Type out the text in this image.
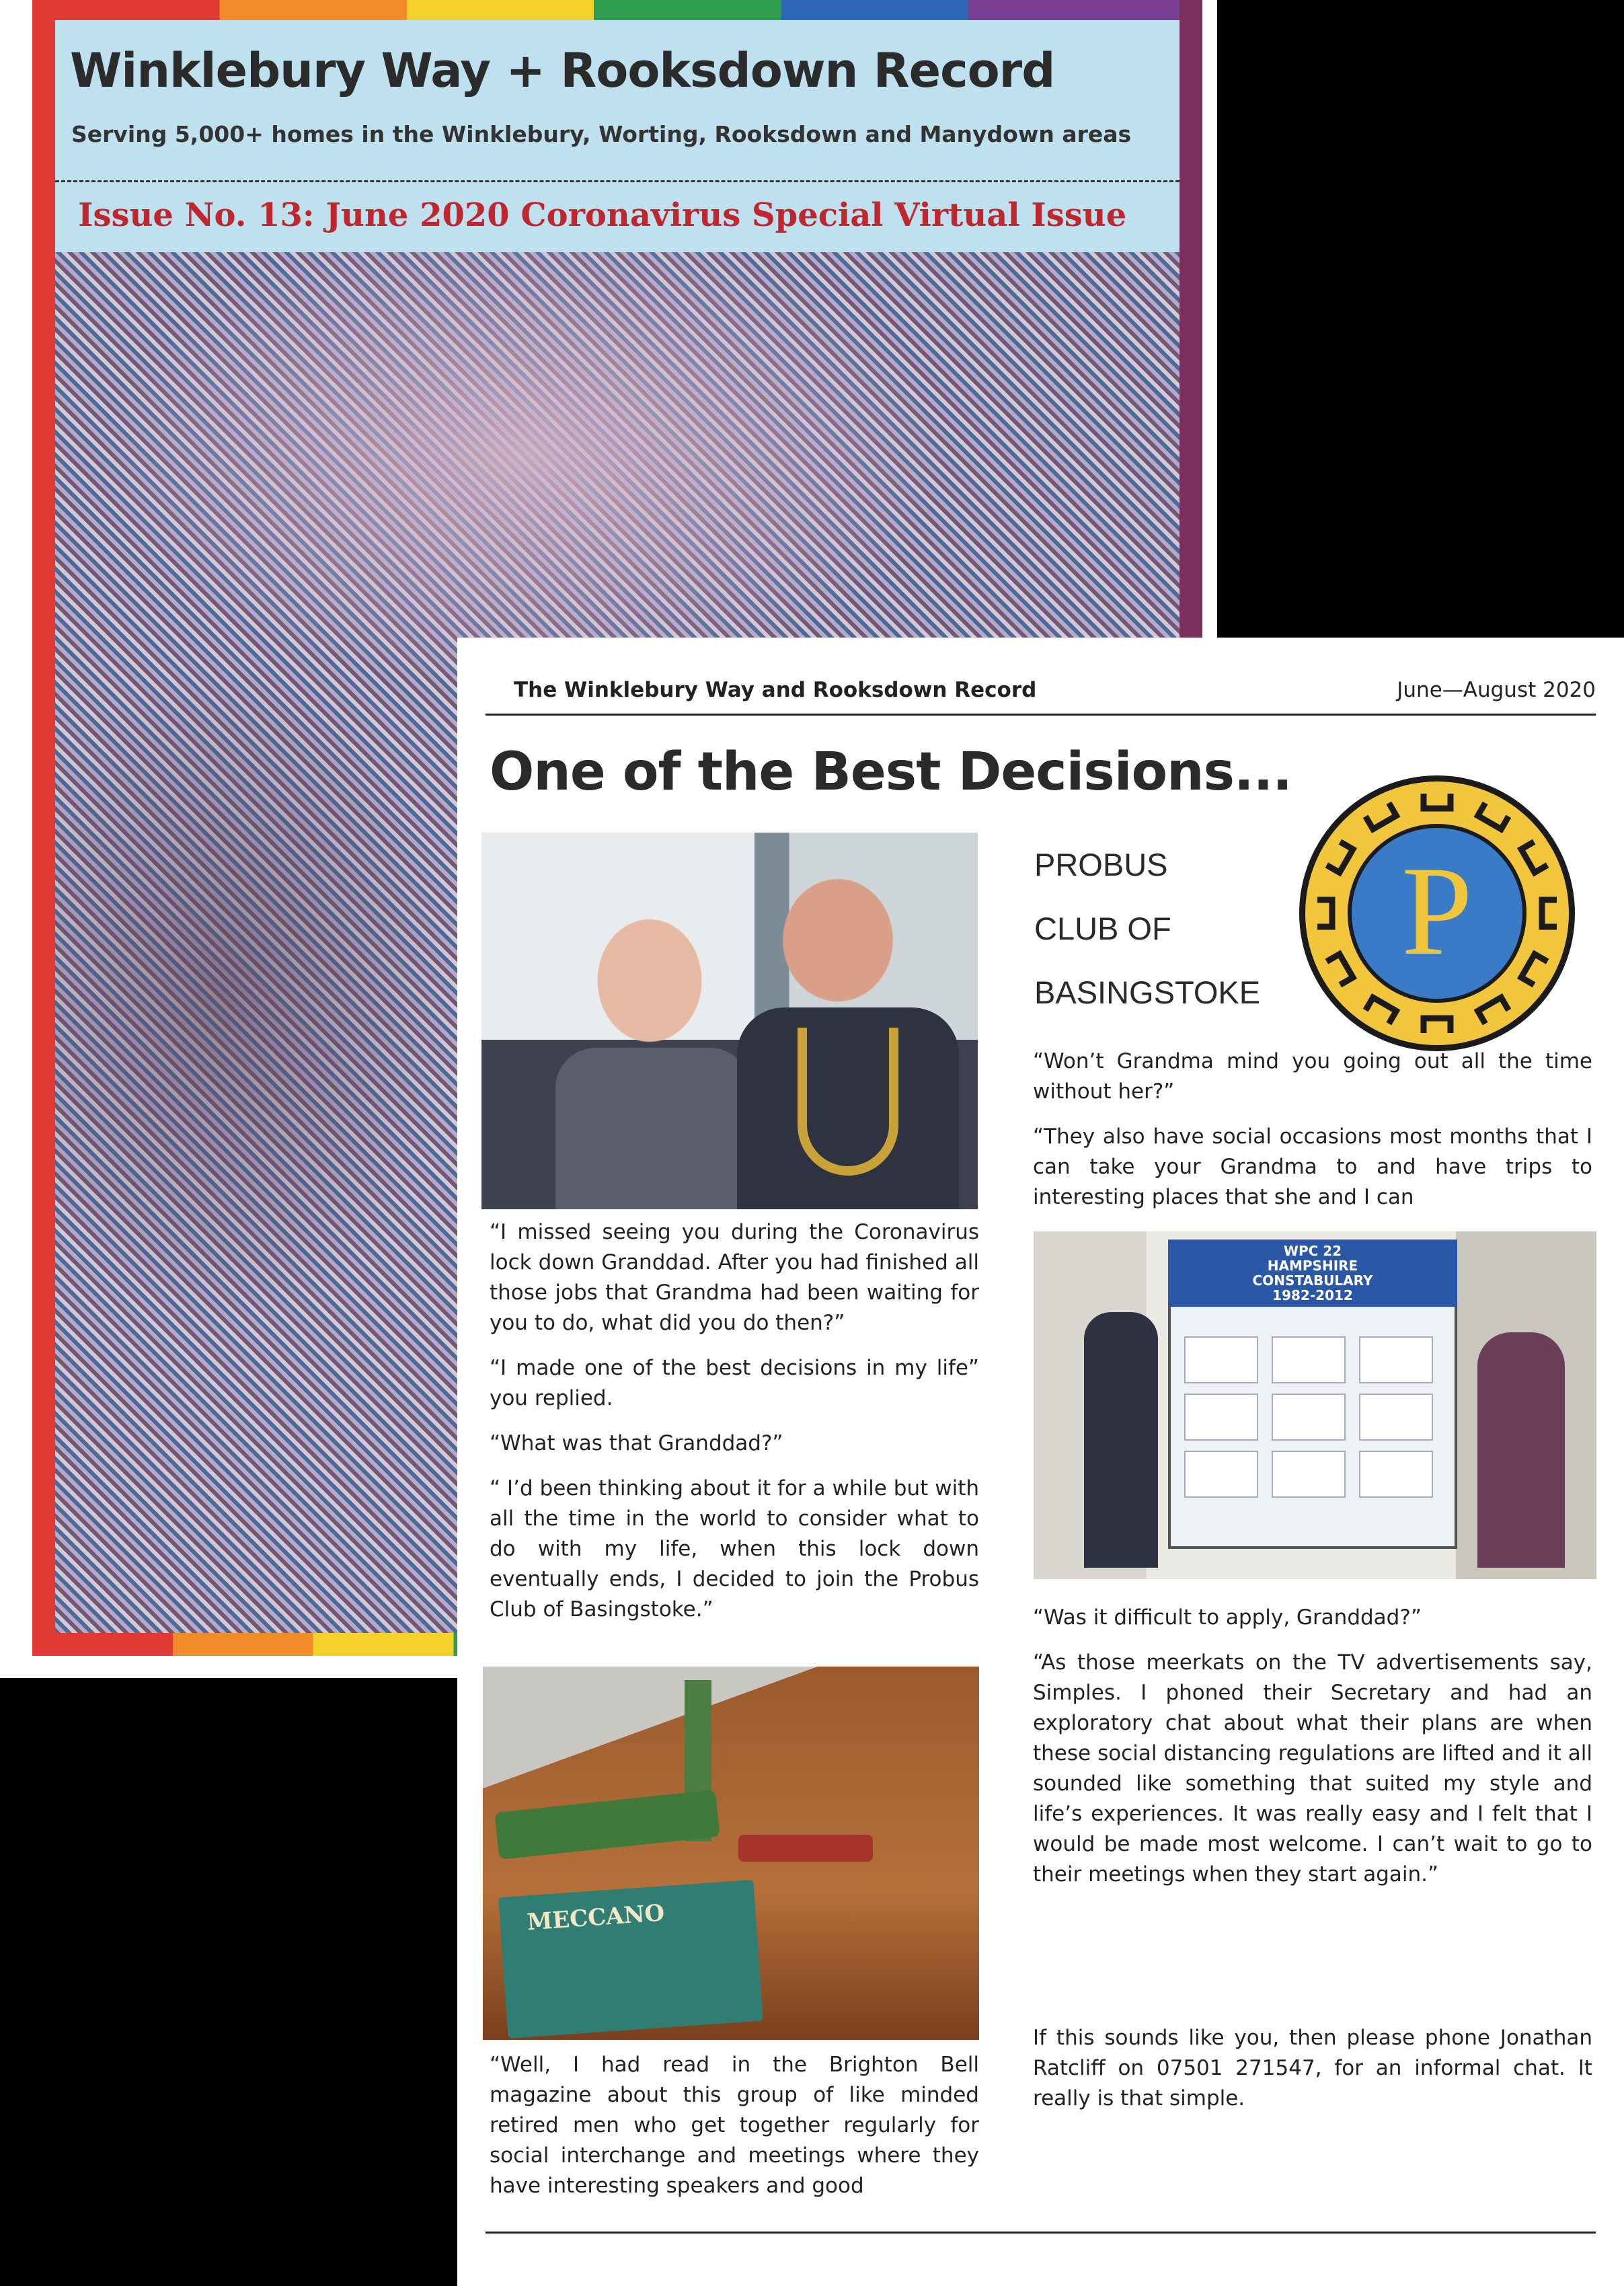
Winklebury Way + Rooksdown Record
Serving 5,000+ homes in the Winklebury, Worting, Rooksdown and Manydown areas
Issue No. 13: June 2020 Coronavirus Special Virtual Issue
The Winklebury Way and Rooksdown Record	June—August 2020
One of the Best Decisions...
P
PROBUS
CLUB OF
BASINGSTOKE

“I missed seeing you during the Coronavirus lock down Granddad. After you had finished all those jobs that Grandma had been waiting for you to do, what did you do then?”

“I made one of the best decisions in my life” you replied.

“What was that Granddad?”

“ I’d been thinking about it for a while but with all the time in the world to consider what to do with my life, when this lock down eventually ends, I decided to join the Probus Club of Basingstoke.”

MECCANO

“Well, I had read in the Brighton Bell magazine about this group of like minded retired men who get together regularly for social interchange and meetings where they have interesting speakers and good

“Won’t Grandma mind you going out all the time without her?”

“They also have social occasions most months that I can take your Grandma to and have trips to interesting places that she and I can

WPC 22
HAMPSHIRE
CONSTABULARY
1982-2012

“Was it difficult to apply, Granddad?”

“As those meerkats on the TV advertisements say, Simples. I phoned their Secretary and had an exploratory chat about what their plans are when these social distancing regulations are lifted and it all sounded like something that suited my style and life’s experiences. It was really easy and I felt that I would be made most welcome. I can’t wait to go to their meetings when they start again.”

If this sounds like you, then please phone Jonathan Ratcliff on 07501 271547, for an informal chat. It really is that simple.
